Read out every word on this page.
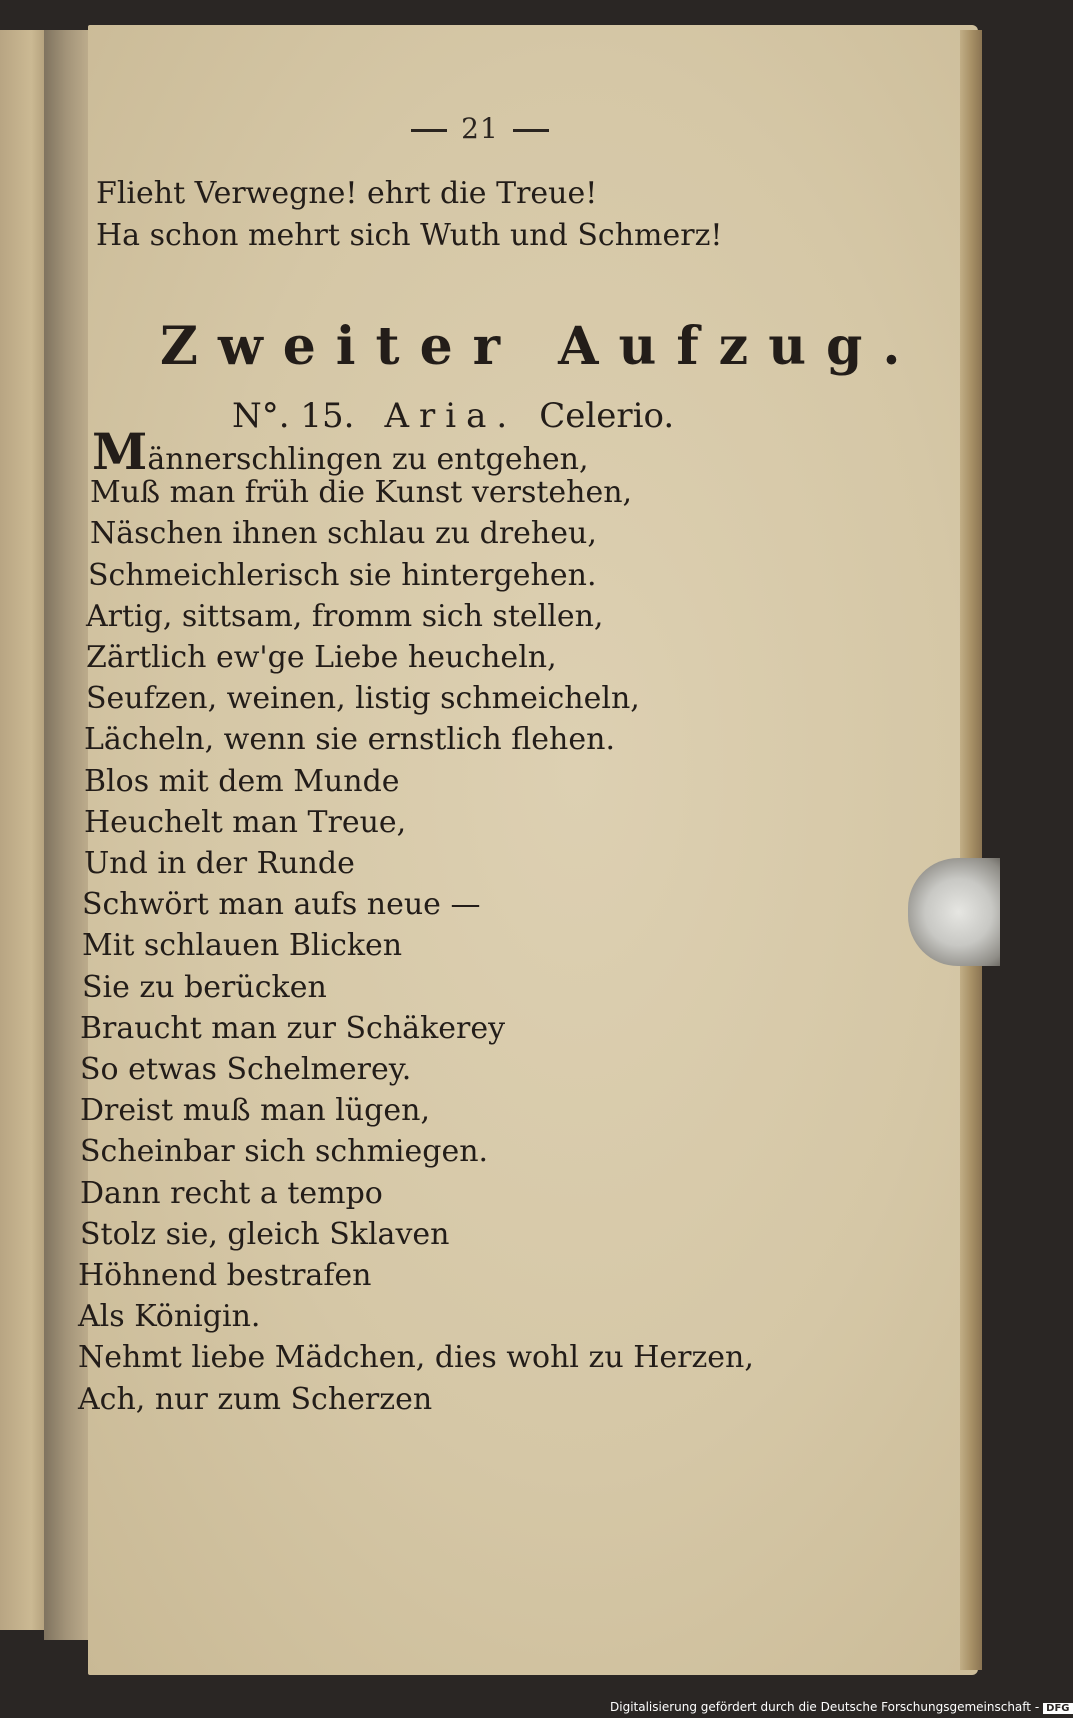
21
Flieht Verwegne! ehrt die Treue!
Ha schon mehrt sich Wuth und Schmerz!
Zweiter Aufzug.
N°. 15. Aria. Celerio.
Männerschlingen zu entgehen,
Muß man früh die Kunst verstehen,
Näschen ihnen schlau zu dreheu,
Schmeichlerisch sie hintergehen.
Artig, sittsam, fromm sich stellen,
Zärtlich ew'ge Liebe heucheln,
Seufzen, weinen, listig schmeicheln,
Lächeln, wenn sie ernstlich flehen.
Blos mit dem Munde
Heuchelt man Treue,
Und in der Runde
Schwört man aufs neue —
Mit schlauen Blicken
Sie zu berücken
Braucht man zur Schäkerey
So etwas Schelmerey.
Dreist muß man lügen,
Scheinbar sich schmiegen.
Dann recht a tempo
Stolz sie, gleich Sklaven
Höhnend bestrafen
Als Königin.
Nehmt liebe Mädchen, dies wohl zu Herzen,
Ach, nur zum Scherzen
Digitalisierung gefördert durch die Deutsche Forschungsgemeinschaft - DFG
